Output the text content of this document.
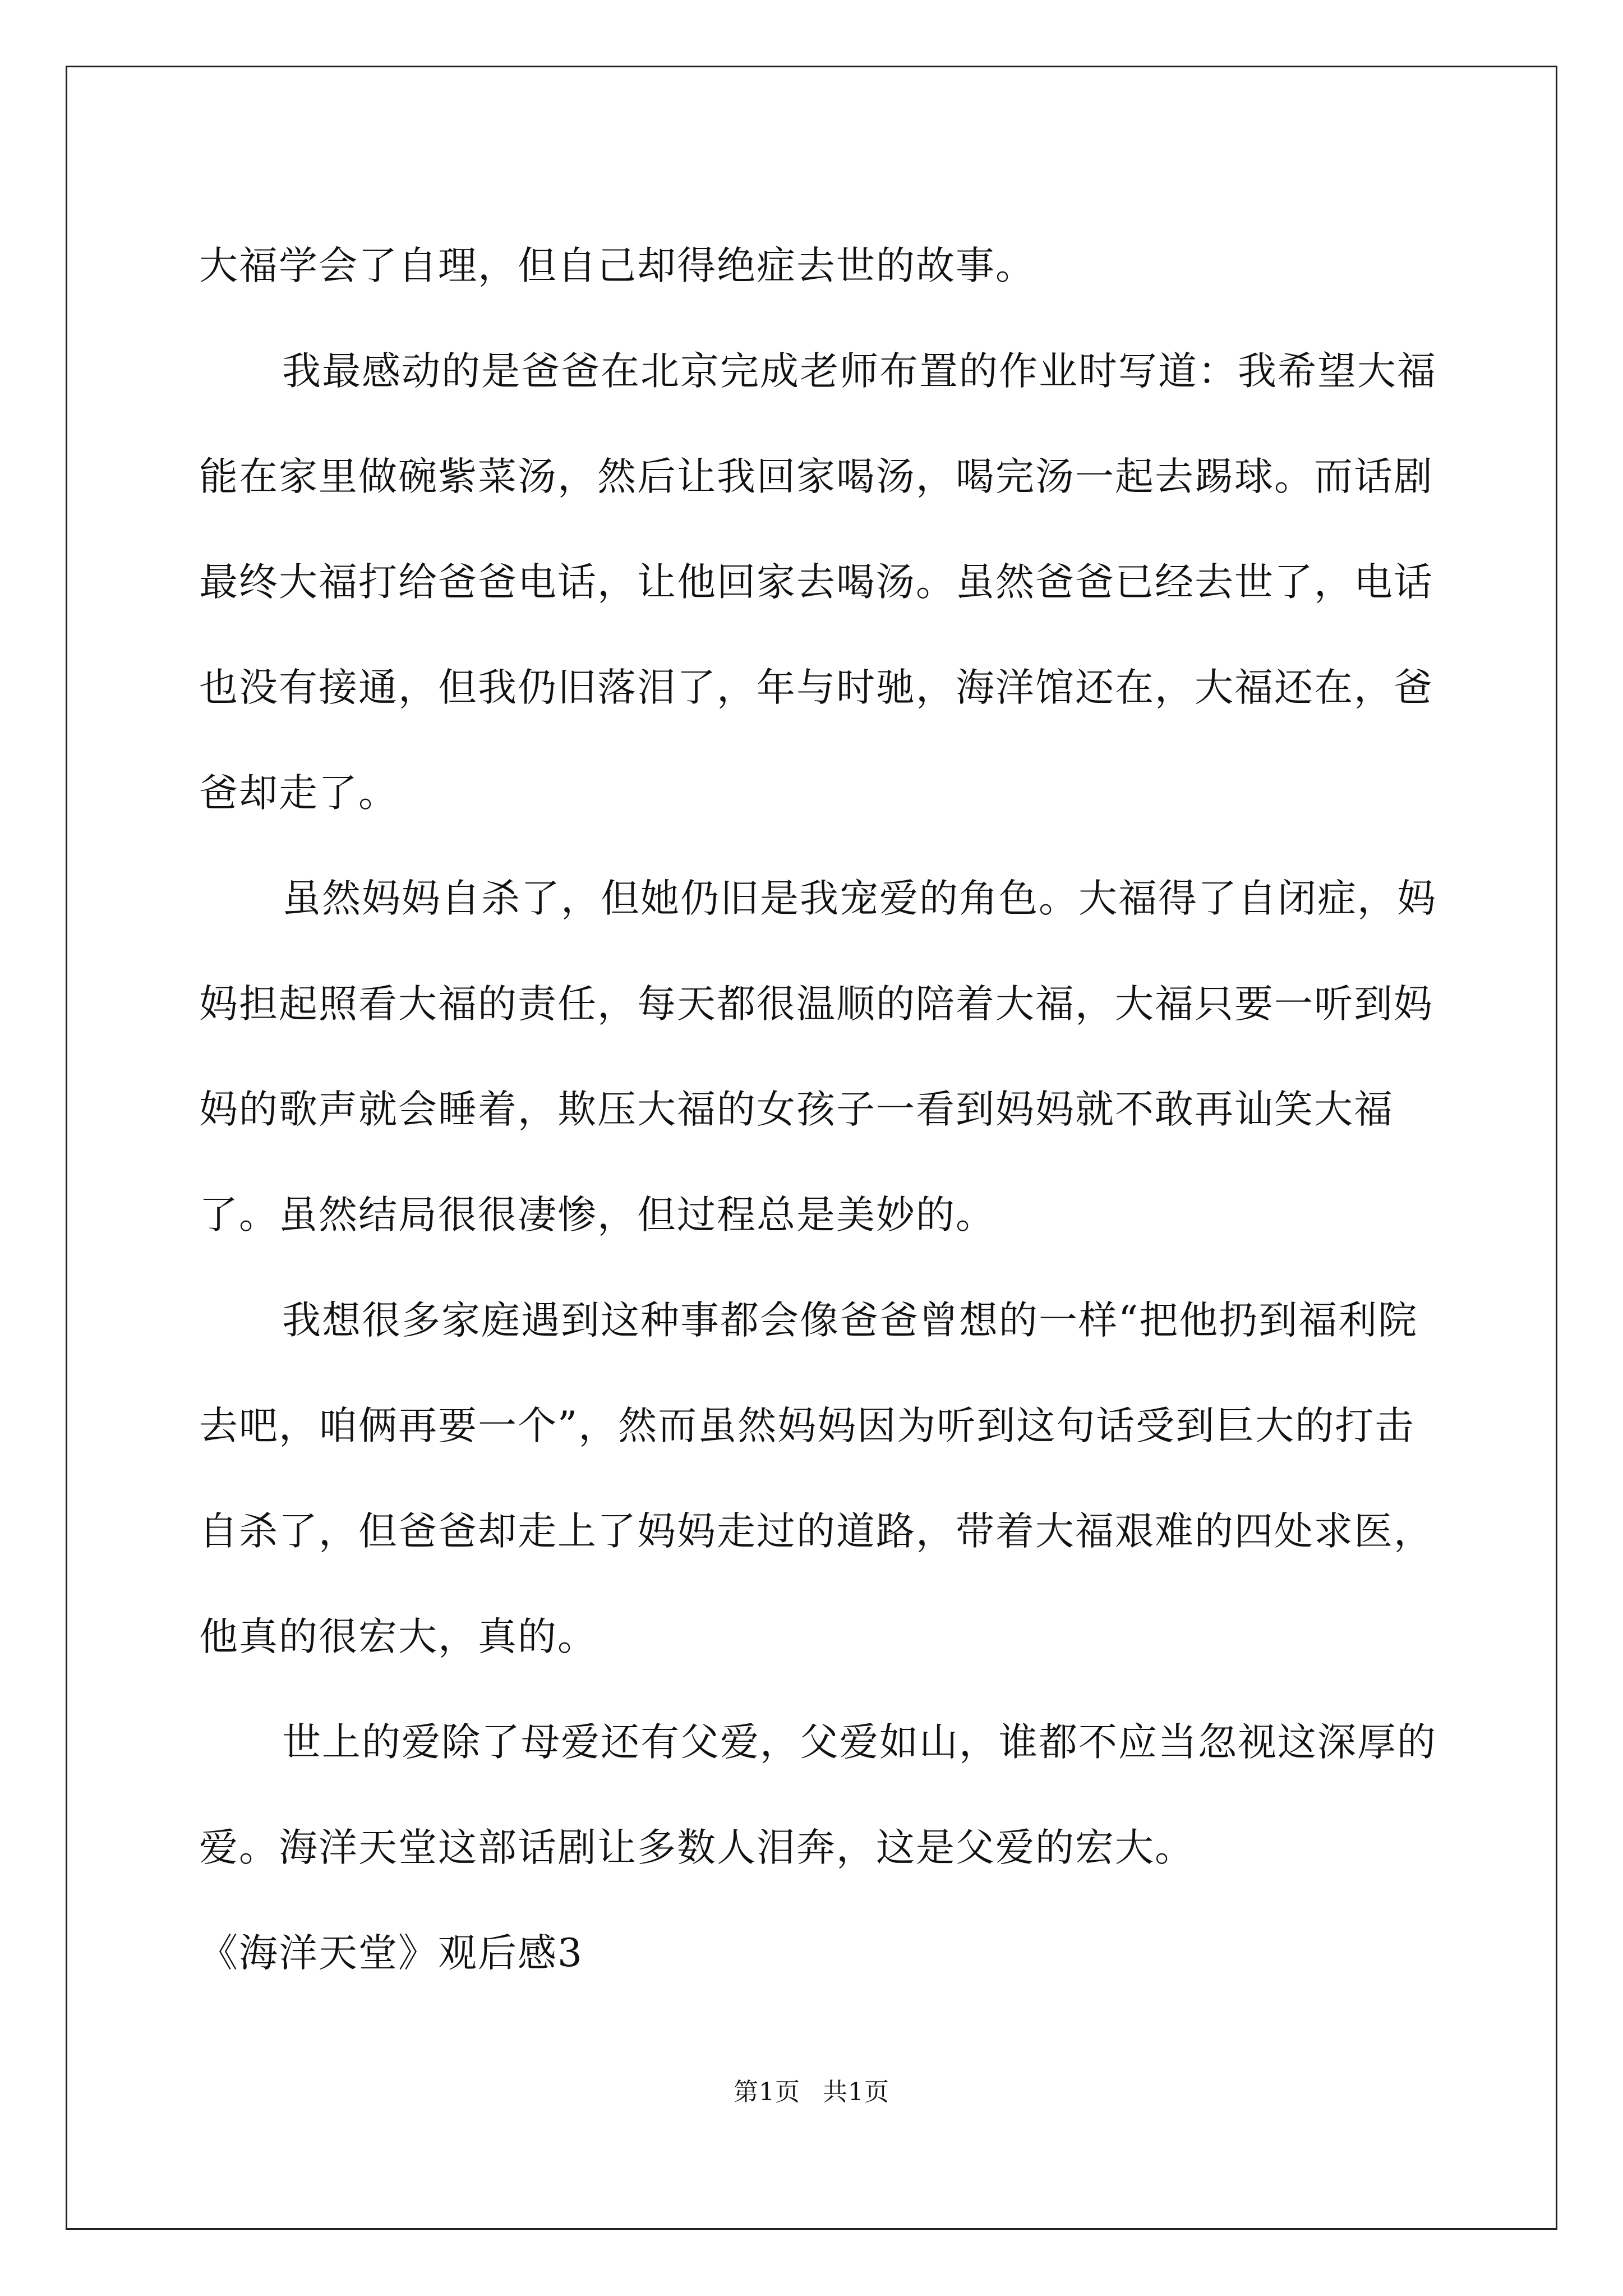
大福学会了自理，但自己却得绝症去世的故事。

我最感动的是爸爸在北京完成老师布置的作业时写道：我希望大福能在家里做碗紫菜汤，然后让我回家喝汤，喝完汤一起去踢球。而话剧最终大福打给爸爸电话，让他回家去喝汤。虽然爸爸已经去世了，电话也没有接通，但我仍旧落泪了，年与时驰，海洋馆还在，大福还在，爸爸却走了。

虽然妈妈自杀了，但她仍旧是我宠爱的角色。大福得了自闭症，妈妈担起照看大福的责任，每天都很温顺的陪着大福，大福只要一听到妈妈的歌声就会睡着，欺压大福的女孩子一看到妈妈就不敢再讪笑大福了。虽然结局很很凄惨，但过程总是美妙的。

我想很多家庭遇到这种事都会像爸爸曾想的一样“把他扔到福利院去吧，咱俩再要一个”，然而虽然妈妈因为听到这句话受到巨大的打击自杀了，但爸爸却走上了妈妈走过的道路，带着大福艰难的四处求医，他真的很宏大，真的。

世上的爱除了母爱还有父爱，父爱如山，谁都不应当忽视这深厚的爱。海洋天堂这部话剧让多数人泪奔，这是父爱的宏大。

《海洋天堂》观后感3

第1页 共1页
